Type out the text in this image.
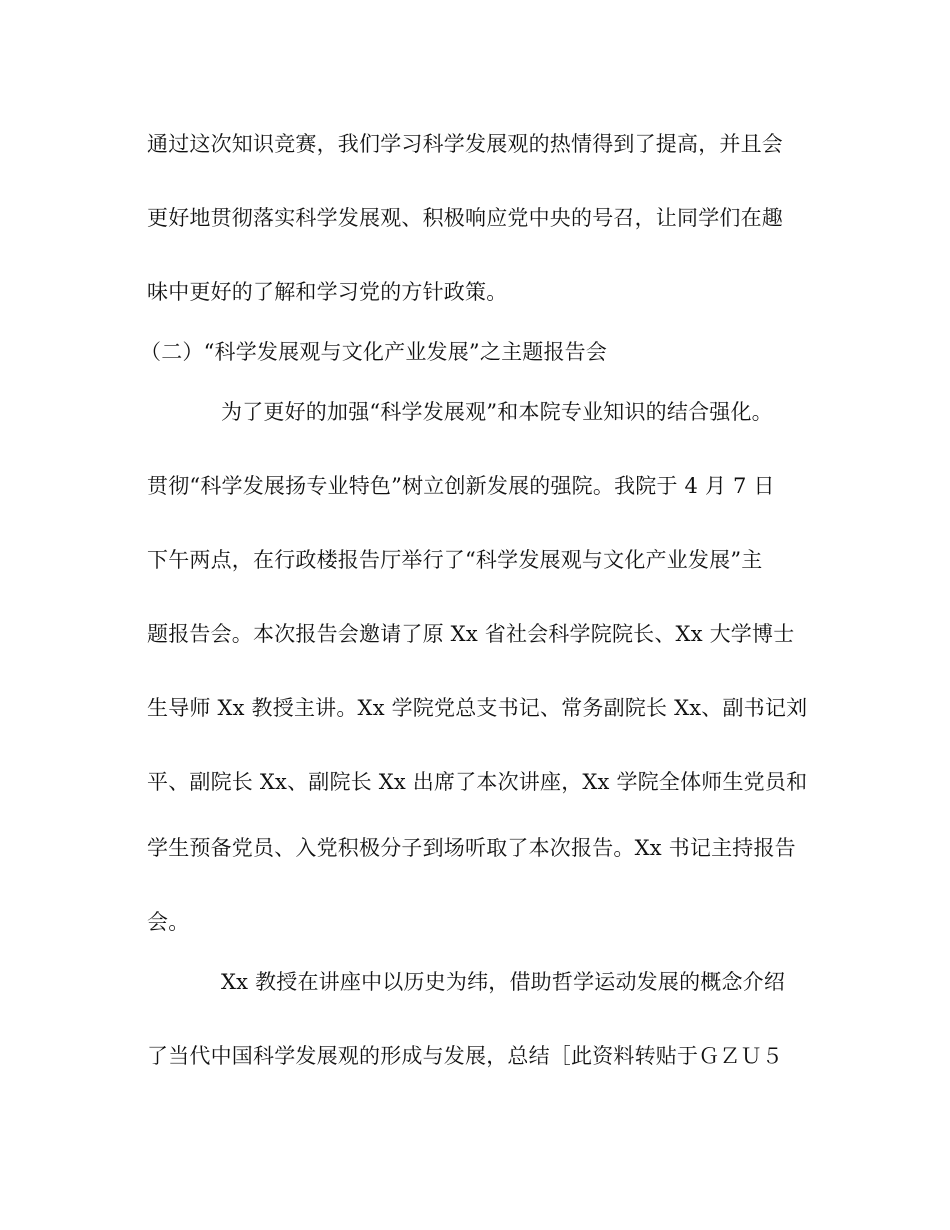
通过这次知识竞赛，我们学习科学发展观的热情得到了提高，并且会
更好地贯彻落实科学发展观、积极响应党中央的号召，让同学们在趣
味中更好的了解和学习党的方针政策。
（二）“科学发展观与文化产业发展”之主题报告会
为了更好的加强“科学发展观”和本院专业知识的结合强化。
贯彻“科学发展扬专业特色”树立创新发展的强院。我院于 4 月 7 日
下午两点，在行政楼报告厅举行了“科学发展观与文化产业发展”主
题报告会。本次报告会邀请了原 Xx 省社会科学院院长、Xx 大学博士
生导师 Xx 教授主讲。Xx 学院党总支书记、常务副院长 Xx、副书记刘
平、副院长 Xx、副院长 Xx 出席了本次讲座，Xx 学院全体师生党员和
学生预备党员、入党积极分子到场听取了本次报告。Xx 书记主持报告
会。
Xx 教授在讲座中以历史为纬，借助哲学运动发展的概念介绍
了当代中国科学发展观的形成与发展，总结［此资料转贴于ＧＺＵ５
